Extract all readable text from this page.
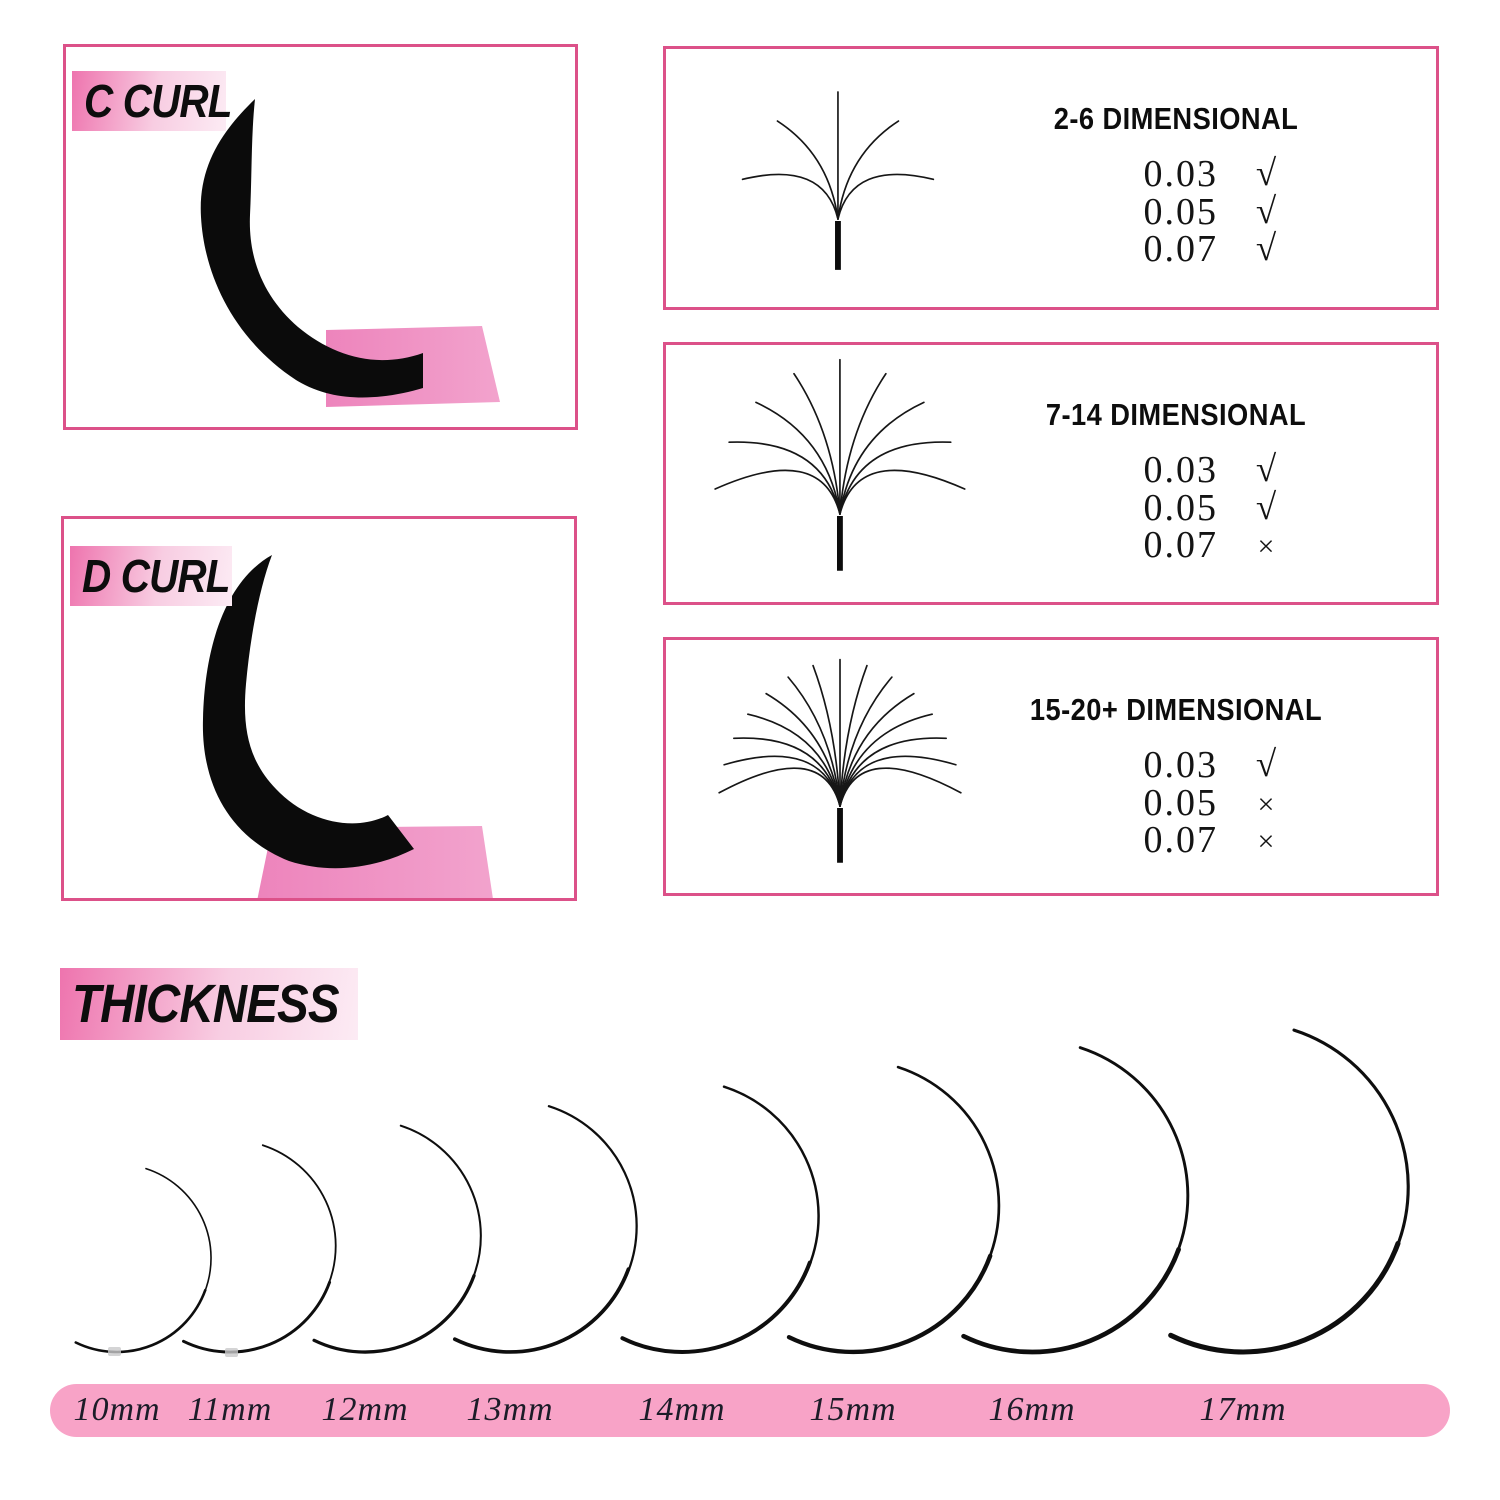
C CURL
D CURL
2-6 DIMENSIONAL
0.03	√
0.05	√
0.07	√
7-14 DIMENSIONAL
0.03	√
0.05	√
0.07	×
15-20+ DIMENSIONAL
0.03	√
0.05	×
0.07	×
THICKNESS
10mm 11mm 12mm 13mm 14mm 15mm	16mm	17mm
